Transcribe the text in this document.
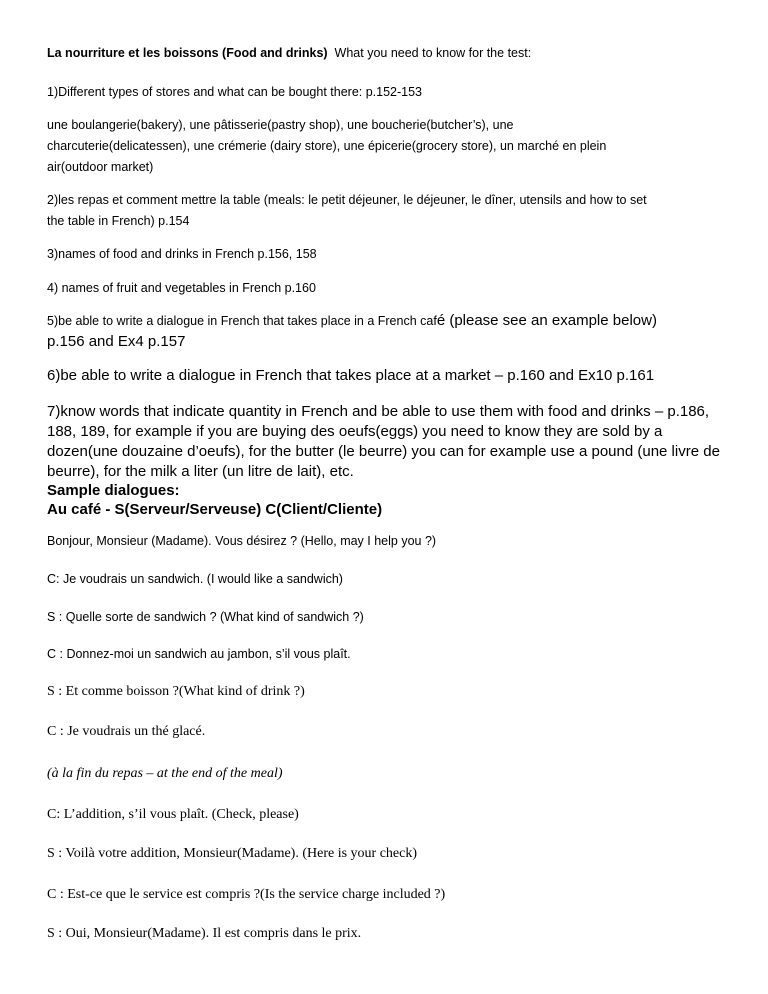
La nourriture et les boissons (Food and drinks) What you need to know for the test:
1)Different types of stores and what can be bought there: p.152-153
une boulangerie(bakery), une pâtisserie(pastry shop), une boucherie(butcher’s), une
charcuterie(delicatessen), une crémerie (dairy store), une épicerie(grocery store), un marché en plein
air(outdoor market)
2)les repas et comment mettre la table (meals: le petit déjeuner, le déjeuner, le dîner, utensils and how to set
the table in French) p.154
3)names of food and drinks in French p.156, 158
4) names of fruit and vegetables in French p.160
5)be able to write a dialogue in French that takes place in a French café (please see an example below)
p.156 and Ex4 p.157
6)be able to write a dialogue in French that takes place at a market – p.160 and Ex10 p.161
7)know words that indicate quantity in French and be able to use them with food and drinks – p.186,
188, 189, for example if you are buying des oeufs(eggs) you need to know they are sold by a
dozen(une douzaine d’oeufs), for the butter (le beurre) you can for example use a pound (une livre de
beurre), for the milk a liter (un litre de lait), etc.
Sample dialogues:
Au café - S(Serveur/Serveuse) C(Client/Cliente)
Bonjour, Monsieur (Madame). Vous désirez ? (Hello, may I help you ?)
C: Je voudrais un sandwich. (I would like a sandwich)
S : Quelle sorte de sandwich ? (What kind of sandwich ?)
C : Donnez-moi un sandwich au jambon, s’il vous plaît.
S : Et comme boisson ?(What kind of drink ?)
C : Je voudrais un thé glacé.
(à la fin du repas – at the end of the meal)
C: L’addition, s’il vous plaît. (Check, please)
S : Voilà votre addition, Monsieur(Madame). (Here is your check)
C : Est-ce que le service est compris ?(Is the service charge included ?)
S : Oui, Monsieur(Madame). Il est compris dans le prix.
